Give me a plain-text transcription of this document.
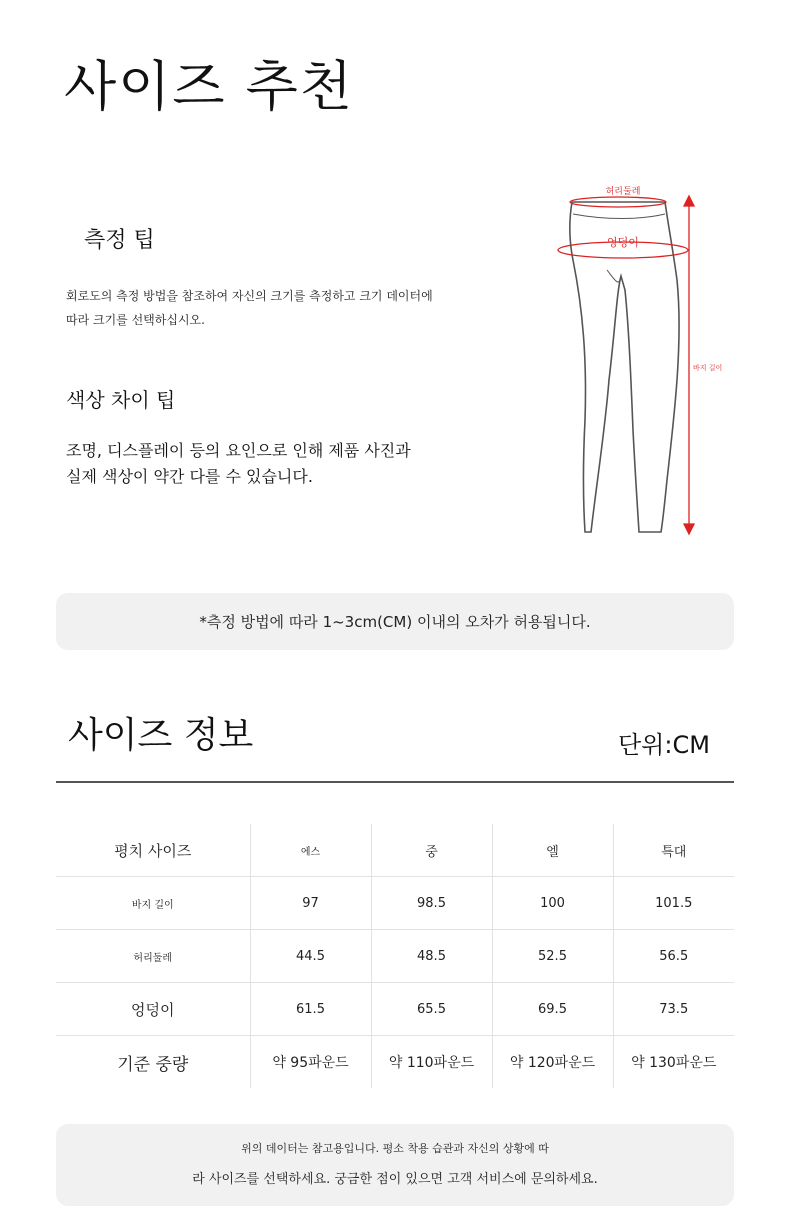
사이즈 추천
측정 팁
회로도의 측정 방법을 참조하여 자신의 크기를 측정하고 크기 데이터에 따라 크기를 선택하십시오.
색상 차이 팁
조명, 디스플레이 등의 요인으로 인해 제품 사진과 실제 색상이 약간 다를 수 있습니다.
허리둘레
엉덩이
바지 길이
*측정 방법에 따라 1~3cm(CM) 이내의 오차가 허용됩니다.
사이즈 정보	단위:CM
평치 사이즈	에스	중	엘	특대
바지 길이	97	98.5	100	101.5
허리둘레	44.5	48.5	52.5	56.5
엉덩이	61.5	65.5	69.5	73.5
기준 중량	약 95파운드	약 110파운드	약 120파운드	약 130파운드
위의 데이터는 참고용입니다. 평소 착용 습관과 자신의 상황에 따
라 사이즈를 선택하세요. 궁금한 점이 있으면 고객 서비스에 문의하세요.
